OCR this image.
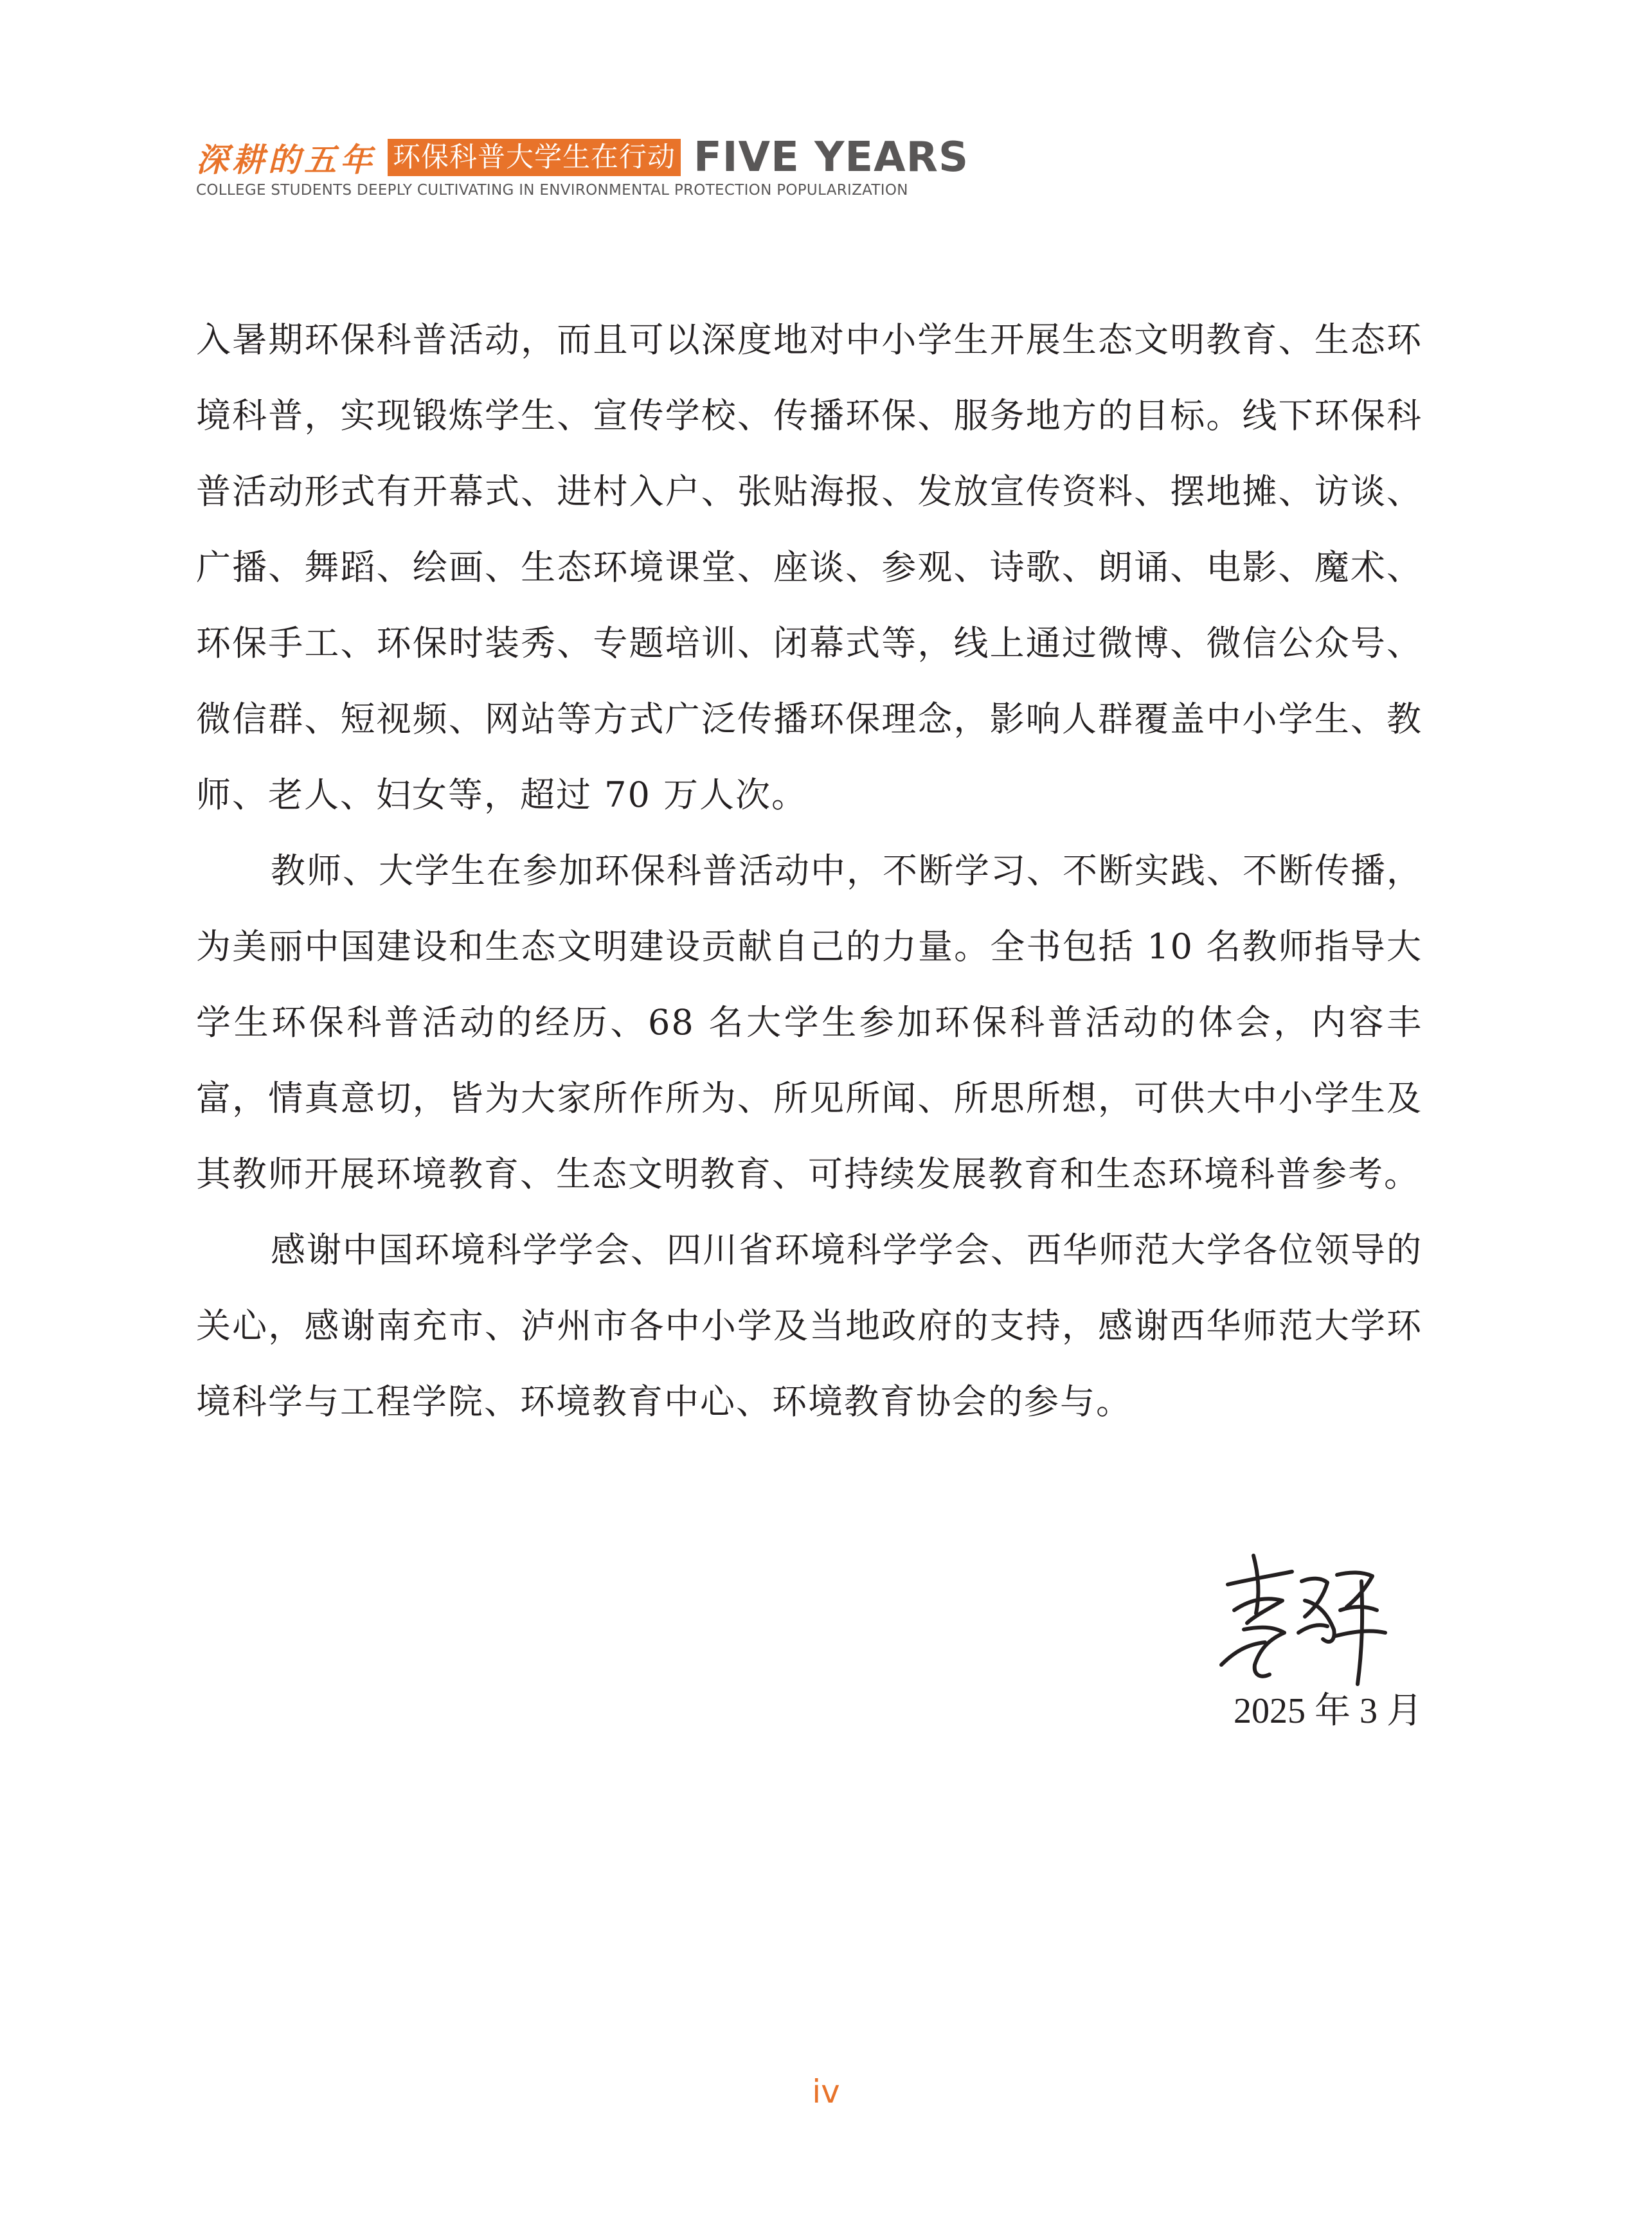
深耕的五年 环保科普大学生在行动 FIVE YEARS
COLLEGE STUDENTS DEEPLY CULTIVATING IN ENVIRONMENTAL PROTECTION POPULARIZATION

入暑期环保科普活动，而且可以深度地对中小学生开展生态文明教育、生态环境科普，实现锻炼学生、宣传学校、传播环保、服务地方的目标。线下环保科普活动形式有开幕式、进村入户、张贴海报、发放宣传资料、摆地摊、访谈、广播、舞蹈、绘画、生态环境课堂、座谈、参观、诗歌、朗诵、电影、魔术、环保手工、环保时装秀、专题培训、闭幕式等，线上通过微博、微信公众号、微信群、短视频、网站等方式广泛传播环保理念，影响人群覆盖中小学生、教师、老人、妇女等，超过 70 万人次。

教师、大学生在参加环保科普活动中，不断学习、不断实践、不断传播，为美丽中国建设和生态文明建设贡献自己的力量。全书包括 10 名教师指导大学生环保科普活动的经历、68 名大学生参加环保科普活动的体会，内容丰富，情真意切，皆为大家所作所为、所见所闻、所思所想，可供大中小学生及其教师开展环境教育、生态文明教育、可持续发展教育和生态环境科普参考。

感谢中国环境科学学会、四川省环境科学学会、西华师范大学各位领导的关心，感谢南充市、泸州市各中小学及当地政府的支持，感谢西华师范大学环境科学与工程学院、环境教育中心、环境教育协会的参与。

2025 年 3 月
iv
